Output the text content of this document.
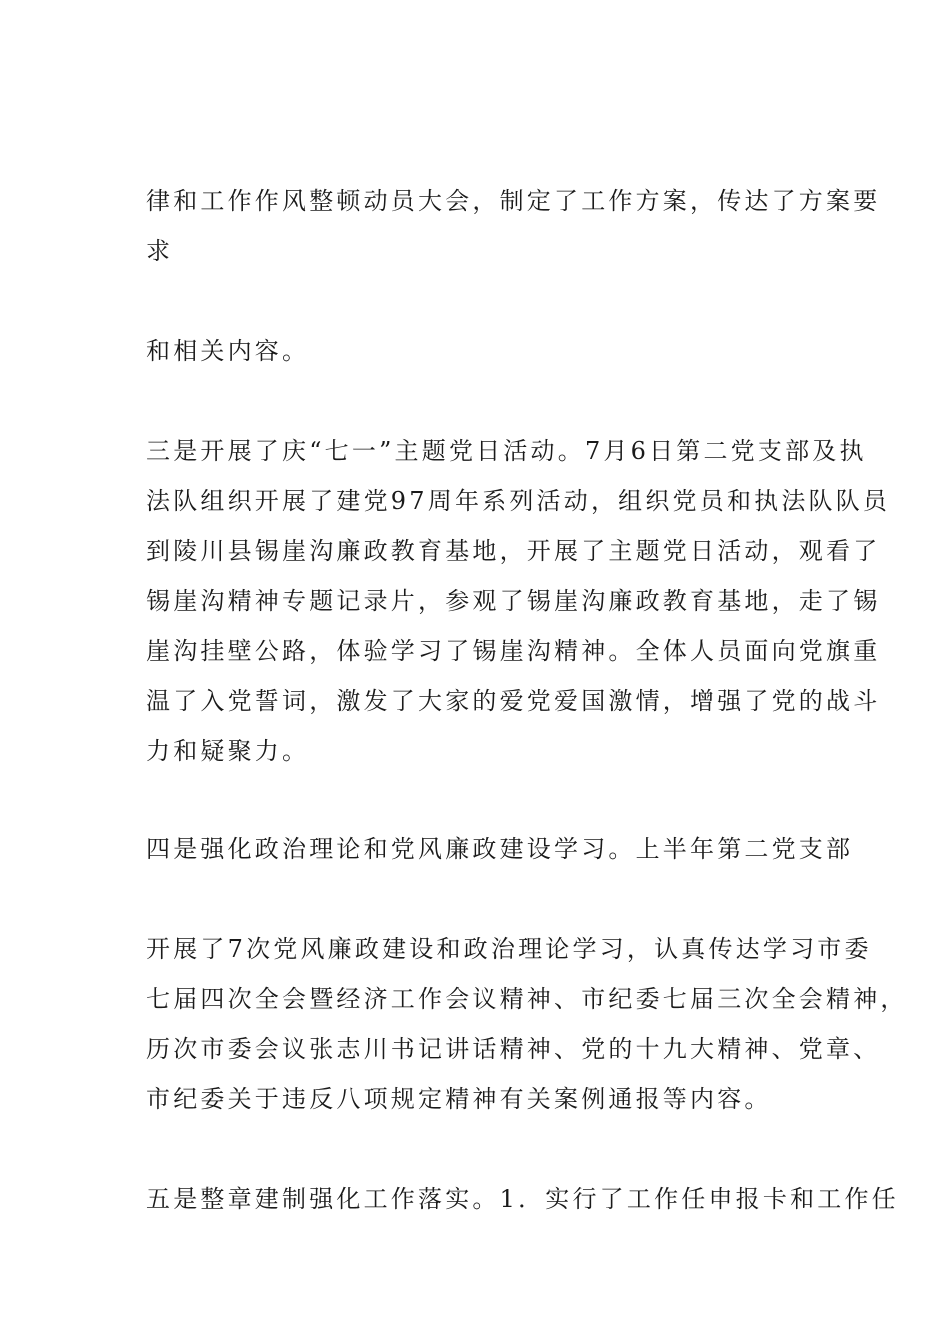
律和工作作风整顿动员大会，制定了工作方案，传达了方案要

求

和相关内容。

三是开展了庆“七一”主题党日活动。7月6日第二党支部及执

法队组织开展了建党97周年系列活动，组织党员和执法队队员

到陵川县锡崖沟廉政教育基地，开展了主题党日活动，观看了

锡崖沟精神专题记录片，参观了锡崖沟廉政教育基地，走了锡

崖沟挂壁公路，体验学习了锡崖沟精神。全体人员面向党旗重

温了入党誓词，激发了大家的爱党爱国激情，增强了党的战斗

力和疑聚力。

四是强化政治理论和党风廉政建设学习。上半年第二党支部

开展了7次党风廉政建设和政治理论学习，认真传达学习市委

七届四次全会暨经济工作会议精神、市纪委七届三次全会精神，

历次市委会议张志川书记讲话精神、党的十九大精神、党章、

市纪委关于违反八项规定精神有关案例通报等内容。

五是整章建制强化工作落实。1．实行了工作任申报卡和工作任
